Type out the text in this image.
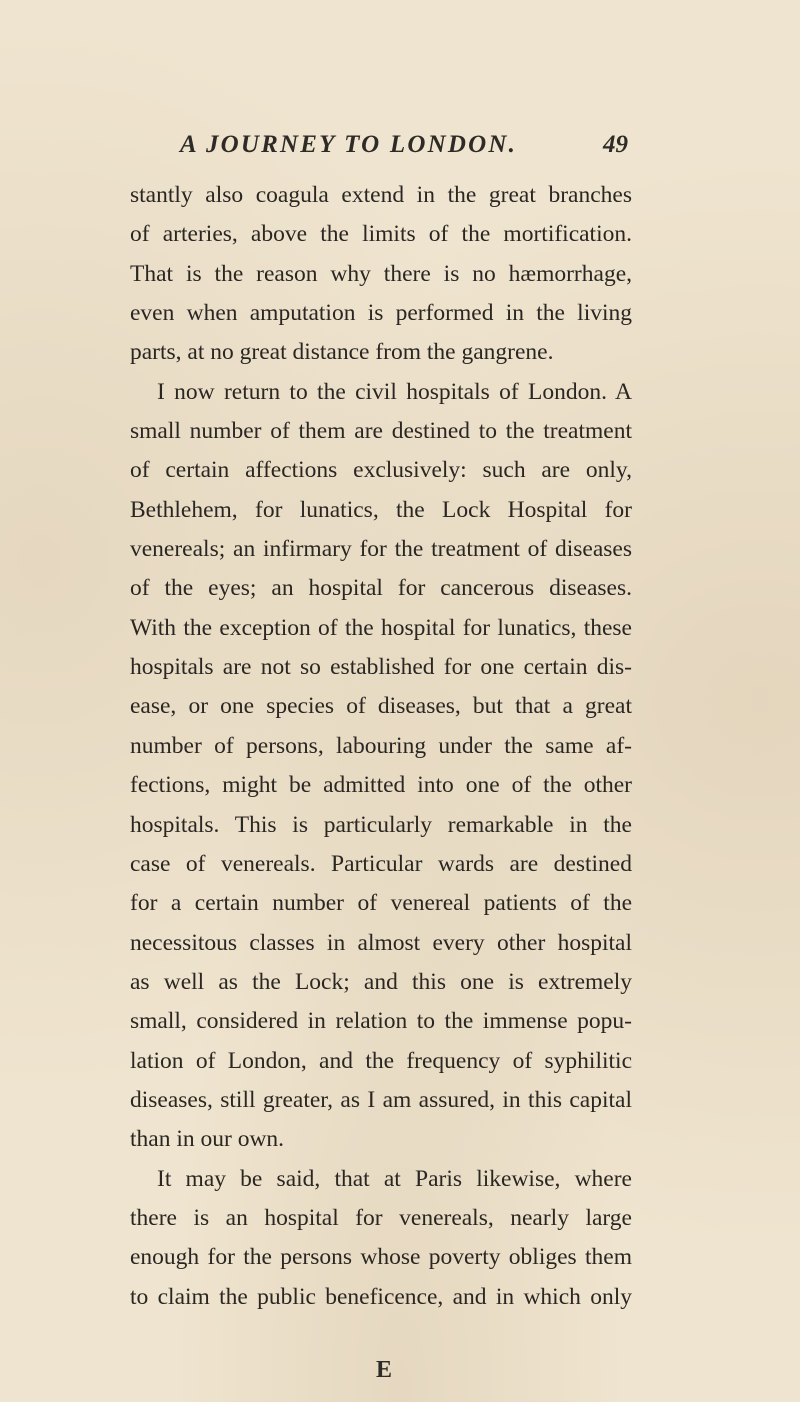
A JOURNEY TO LONDON.	49
stantly also coagula extend in the great branches
of arteries, above the limits of the mortification.
That is the reason why there is no hæmorrhage,
even when amputation is performed in the living
parts, at no great distance from the gangrene.
I now return to the civil hospitals of London. A
small number of them are destined to the treatment
of certain affections exclusively: such are only,
Bethlehem, for lunatics, the Lock Hospital for
venereals; an infirmary for the treatment of diseases
of the eyes; an hospital for cancerous diseases.
With the exception of the hospital for lunatics, these
hospitals are not so established for one certain dis-
ease, or one species of diseases, but that a great
number of persons, labouring under the same af-
fections, might be admitted into one of the other
hospitals. This is particularly remarkable in the
case of venereals. Particular wards are destined
for a certain number of venereal patients of the
necessitous classes in almost every other hospital
as well as the Lock; and this one is extremely
small, considered in relation to the immense popu-
lation of London, and the frequency of syphilitic
diseases, still greater, as I am assured, in this capital
than in our own.
It may be said, that at Paris likewise, where
there is an hospital for venereals, nearly large
enough for the persons whose poverty obliges them
to claim the public beneficence, and in which only
E
